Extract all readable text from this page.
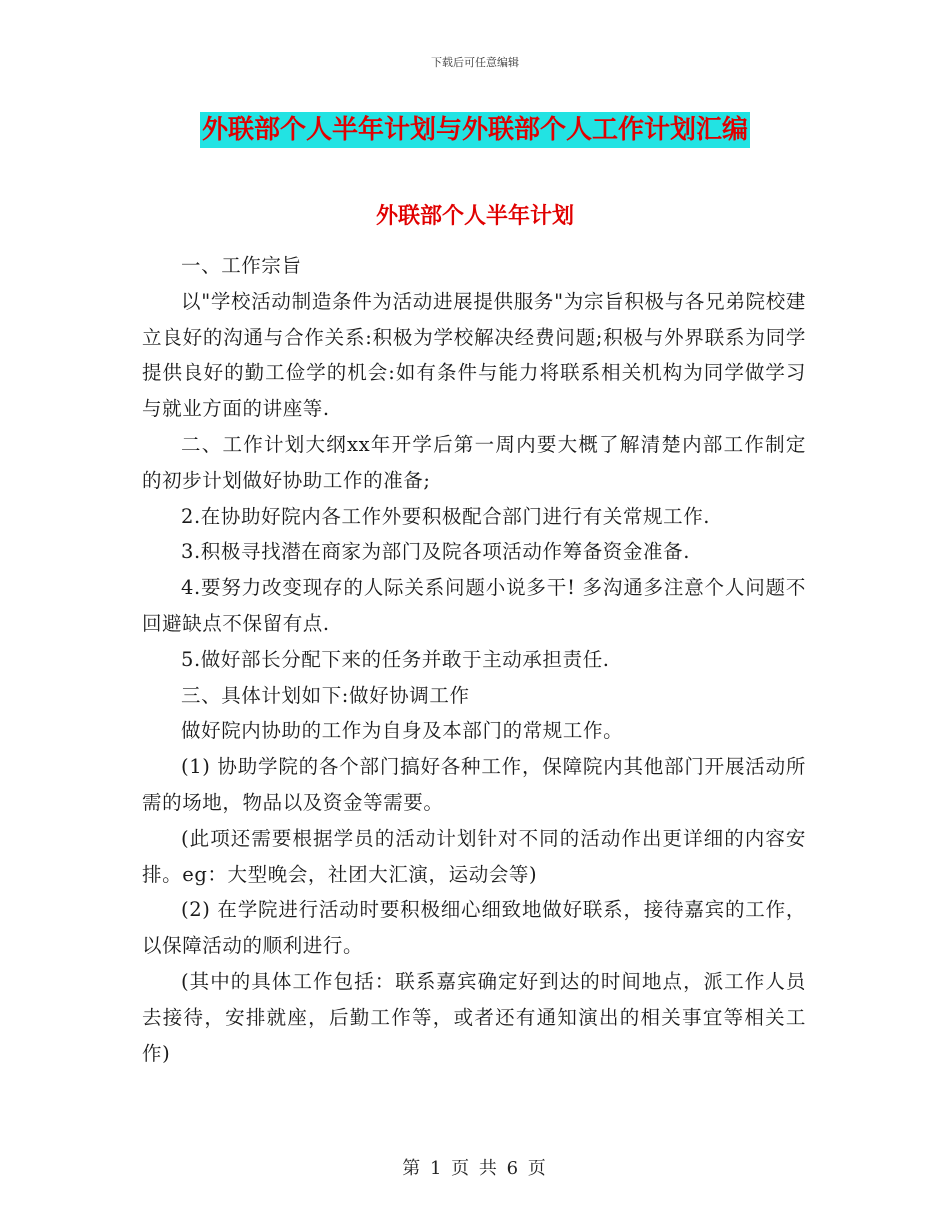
下载后可任意编辑
外联部个人半年计划与外联部个人工作计划汇编
外联部个人半年计划

一、工作宗旨

以"学校活动制造条件为活动进展提供服务"为宗旨积极与各兄弟院校建立良好的沟通与合作关系:积极为学校解决经费问题;积极与外界联系为同学提供良好的勤工俭学的机会:如有条件与能力将联系相关机构为同学做学习与就业方面的讲座等.

二、工作计划大纲xx年开学后第一周内要大概了解清楚内部工作制定的初步计划做好协助工作的准备;

2.在协助好院内各工作外要积极配合部门进行有关常规工作.

3.积极寻找潜在商家为部门及院各项活动作筹备资金准备.

4.要努力改变现存的人际关系问题小说多干! 多沟通多注意个人问题不回避缺点不保留有点.

5.做好部长分配下来的任务并敢于主动承担责任.

三、具体计划如下:做好协调工作

做好院内协助的工作为自身及本部门的常规工作。

(1) 协助学院的各个部门搞好各种工作，保障院内其他部门开展活动所需的场地，物品以及资金等需要。

(此项还需要根据学员的活动计划针对不同的活动作出更详细的内容安排。eg：大型晚会，社团大汇演，运动会等)

(2) 在学院进行活动时要积极细心细致地做好联系，接待嘉宾的工作，以保障活动的顺利进行。

(其中的具体工作包括：联系嘉宾确定好到达的时间地点，派工作人员去接待，安排就座，后勤工作等，或者还有通知演出的相关事宜等相关工作)

第 1 页 共 6 页
